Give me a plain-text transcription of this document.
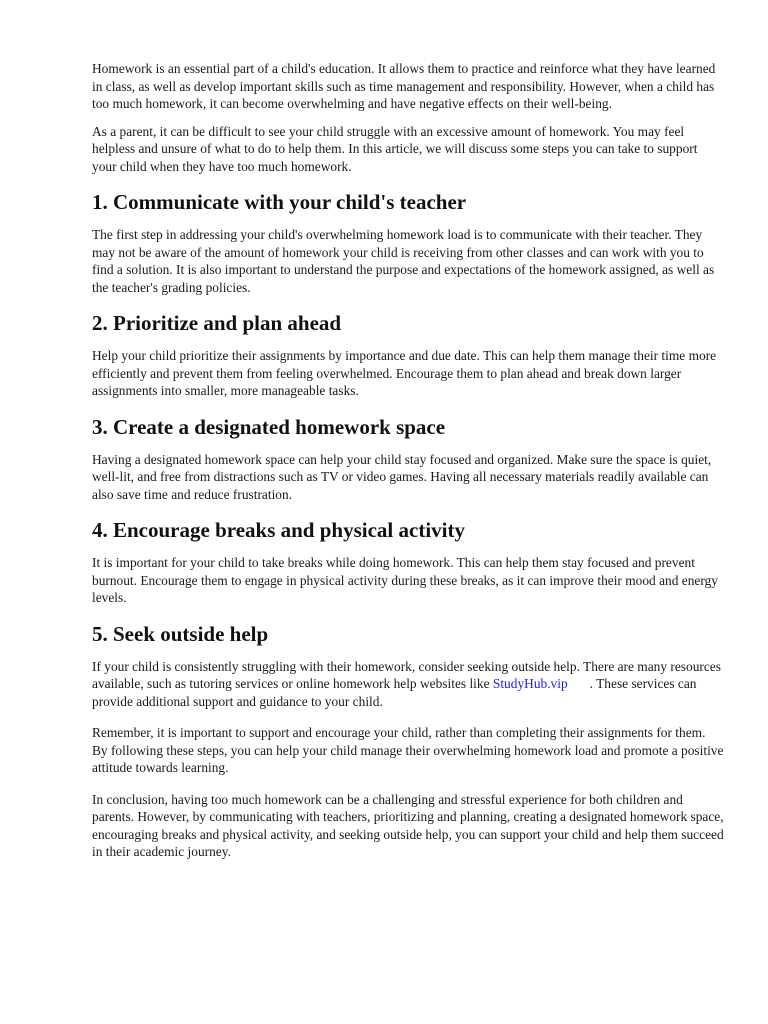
Homework is an essential part of a child's education. It allows them to practice and reinforce what they have learned in class, as well as develop important skills such as time management and responsibility. However, when a child has too much homework, it can become overwhelming and have negative effects on their well-being.

As a parent, it can be difficult to see your child struggle with an excessive amount of homework. You may feel helpless and unsure of what to do to help them. In this article, we will discuss some steps you can take to support your child when they have too much homework.

1. Communicate with your child's teacher

The first step in addressing your child's overwhelming homework load is to communicate with their teacher. They may not be aware of the amount of homework your child is receiving from other classes and can work with you to find a solution. It is also important to understand the purpose and expectations of the homework assigned, as well as the teacher's grading policies.

2. Prioritize and plan ahead

Help your child prioritize their assignments by importance and due date. This can help them manage their time more efficiently and prevent them from feeling overwhelmed. Encourage them to plan ahead and break down larger assignments into smaller, more manageable tasks.

3. Create a designated homework space

Having a designated homework space can help your child stay focused and organized. Make sure the space is quiet, well-lit, and free from distractions such as TV or video games. Having all necessary materials readily available can also save time and reduce frustration.

4. Encourage breaks and physical activity

It is important for your child to take breaks while doing homework. This can help them stay focused and prevent burnout. Encourage them to engage in physical activity during these breaks, as it can improve their mood and energy levels.

5. Seek outside help

If your child is consistently struggling with their homework, consider seeking outside help. There are many resources available, such as tutoring services or online homework help websites like StudyHub.vip . These services can provide additional support and guidance to your child.

Remember, it is important to support and encourage your child, rather than completing their assignments for them. By following these steps, you can help your child manage their overwhelming homework load and promote a positive attitude towards learning.

In conclusion, having too much homework can be a challenging and stressful experience for both children and parents. However, by communicating with teachers, prioritizing and planning, creating a designated homework space, encouraging breaks and physical activity, and seeking outside help, you can support your child and help them succeed in their academic journey.
